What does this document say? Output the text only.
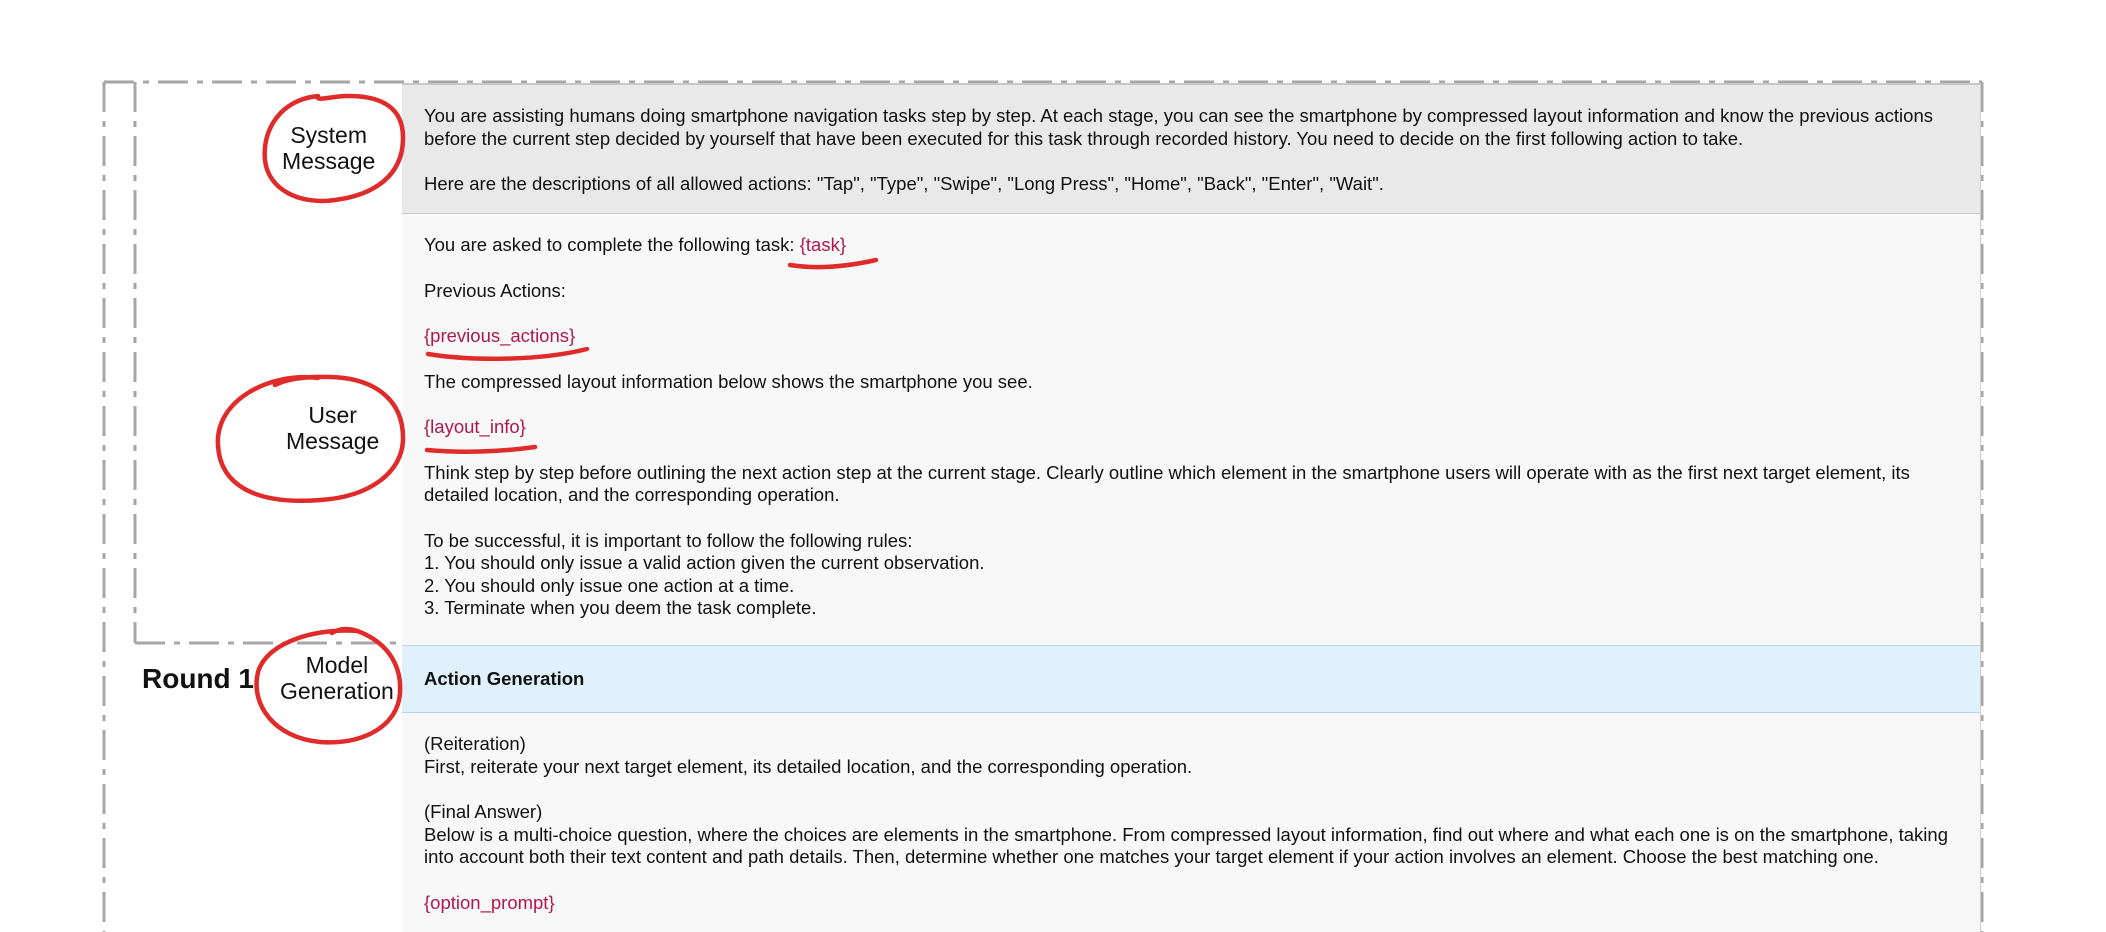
You are assisting humans doing smartphone navigation tasks step by step. At each stage, you can see the smartphone by compressed layout information and know the previous actions before the current step decided by yourself that have been executed for this task through recorded history. You need to decide on the first following action to take.

Here are the descriptions of all allowed actions: "Tap", "Type", "Swipe", "Long Press", "Home", "Back", "Enter", "Wait".

You are asked to complete the following task: {task}

Previous Actions:

{previous_actions}

The compressed layout information below shows the smartphone you see.

{layout_info}

Think step by step before outlining the next action step at the current stage. Clearly outline which element in the smartphone users will operate with as the first next target element, its detailed location, and the corresponding operation.

To be successful, it is important to follow the following rules:

1. You should only issue a valid action given the current observation.

2. You should only issue one action at a time.

3. Terminate when you deem the task complete.

Action Generation

(Reiteration)

First, reiterate your next target element, its detailed location, and the corresponding operation.

(Final Answer)

Below is a multi-choice question, where the choices are elements in the smartphone. From compressed layout information, find out where and what each one is on the smartphone, taking into account both their text content and path details. Then, determine whether one matches your target element if your action involves an element. Choose the best matching one.

{option_prompt}

System
Message
User
Message
Model
Generation
Round 1
